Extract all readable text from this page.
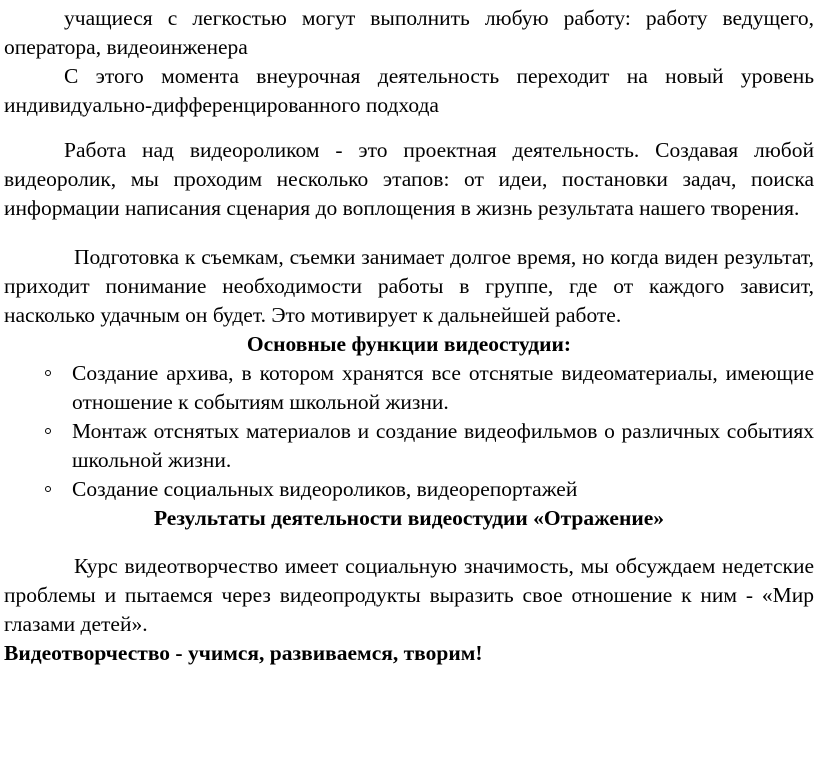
учащиеся с легкостью могут выполнить любую работу: работу ведущего, оператора, видеоинженера

С этого момента внеурочная деятельность переходит на новый уровень индивидуально-дифференцированного подхода

Работа над видеороликом - это проектная деятельность. Создавая любой видеоролик, мы проходим несколько этапов: от идеи, постановки задач, поиска информации написания сценария до воплощения в жизнь результата нашего творения.

Подготовка к съемкам, съемки занимает долгое время, но когда виден результат, приходит понимание необходимости работы в группе, где от каждого зависит, насколько удачным он будет. Это мотивирует к дальнейшей работе.

Основные функции видеостудии:

Создание архива, в котором хранятся все отснятые видеоматериалы, имеющие отношение к событиям школьной жизни.
Монтаж отснятых материалов и создание видеофильмов о различных событиях школьной жизни.
Создание социальных видеороликов, видеорепортажей

Результаты деятельности видеостудии «Отражение»

Курс видеотворчество имеет социальную значимость, мы обсуждаем недетские проблемы и пытаемся через видеопродукты выразить свое отношение к ним - «Мир глазами детей».

Видеотворчество - учимся, развиваемся, творим!
